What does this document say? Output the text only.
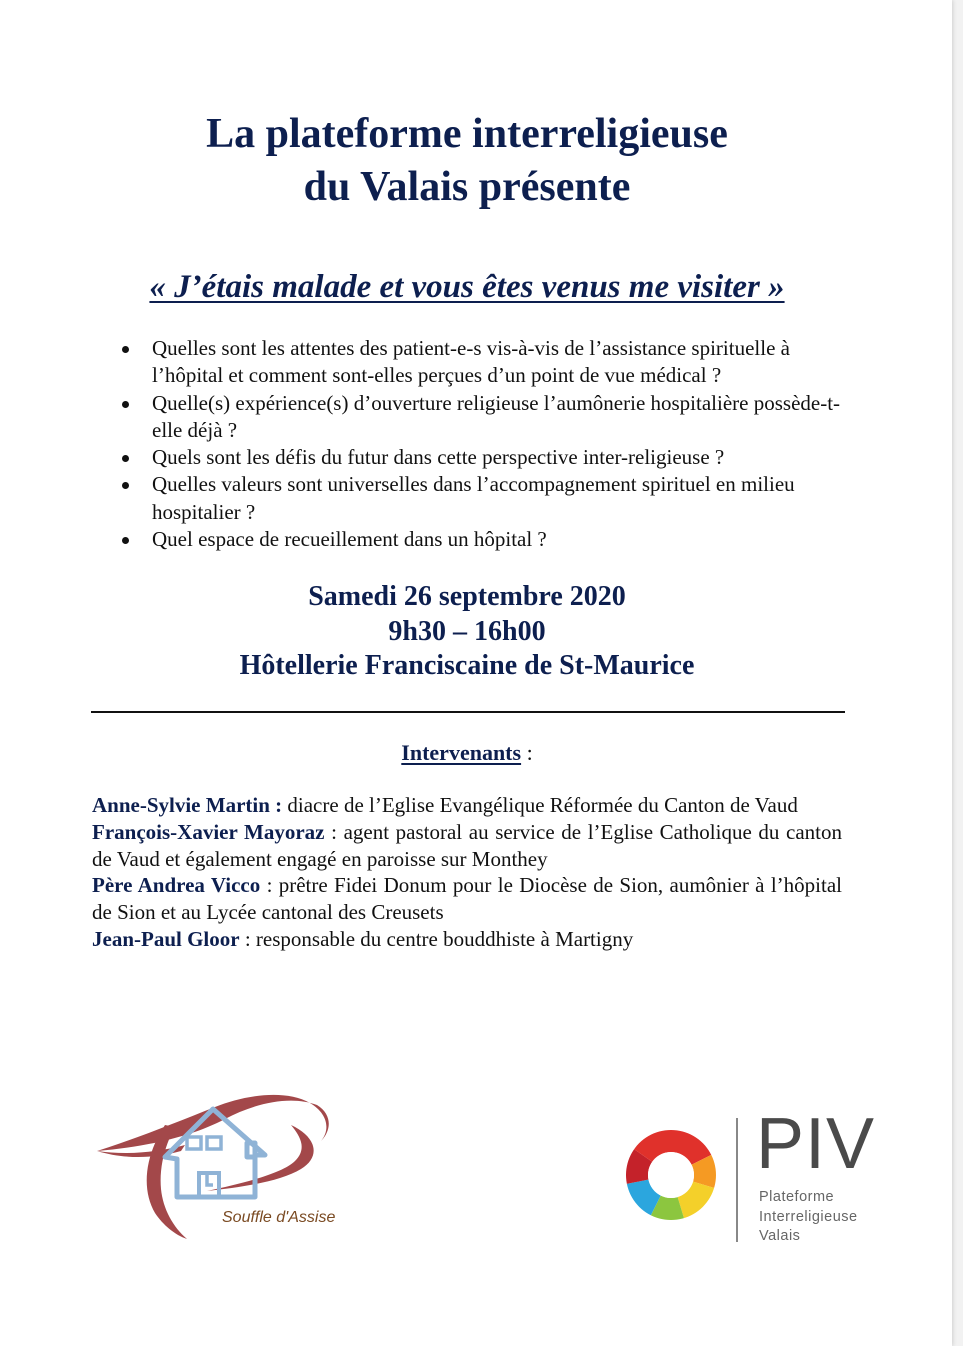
La plateforme interreligieuse
du Valais présente
« J’étais malade et vous êtes venus me visiter »
Quelles sont les attentes des patient-e-s vis-à-vis de l’assistance spirituelle à l’hôpital et comment sont-elles perçues d’un point de vue médical ?
Quelle(s) expérience(s) d’ouverture religieuse l’aumônerie hospitalière possède-t-elle déjà ?
Quels sont les défis du futur dans cette perspective inter-religieuse ?
Quelles valeurs sont universelles dans l’accompagnement spirituel en milieu hospitalier ?
Quel espace de recueillement dans un hôpital ?
Samedi 26 septembre 2020
9h30 – 16h00
Hôtellerie Franciscaine de St-Maurice
Intervenants :
Anne-Sylvie Martin : diacre de l’Eglise Evangélique Réformée du Canton de Vaud
François-Xavier Mayoraz : agent pastoral au service de l’Eglise Catholique du canton de Vaud et également engagé en paroisse sur Monthey
Père Andrea Vicco : prêtre Fidei Donum pour le Diocèse de Sion, aumônier à l’hôpital de Sion et au Lycée cantonal des Creusets
Jean-Paul Gloor : responsable du centre bouddhiste à Martigny
Souffle d'Assise
PIV
Plateforme
Interreligieuse
Valais
